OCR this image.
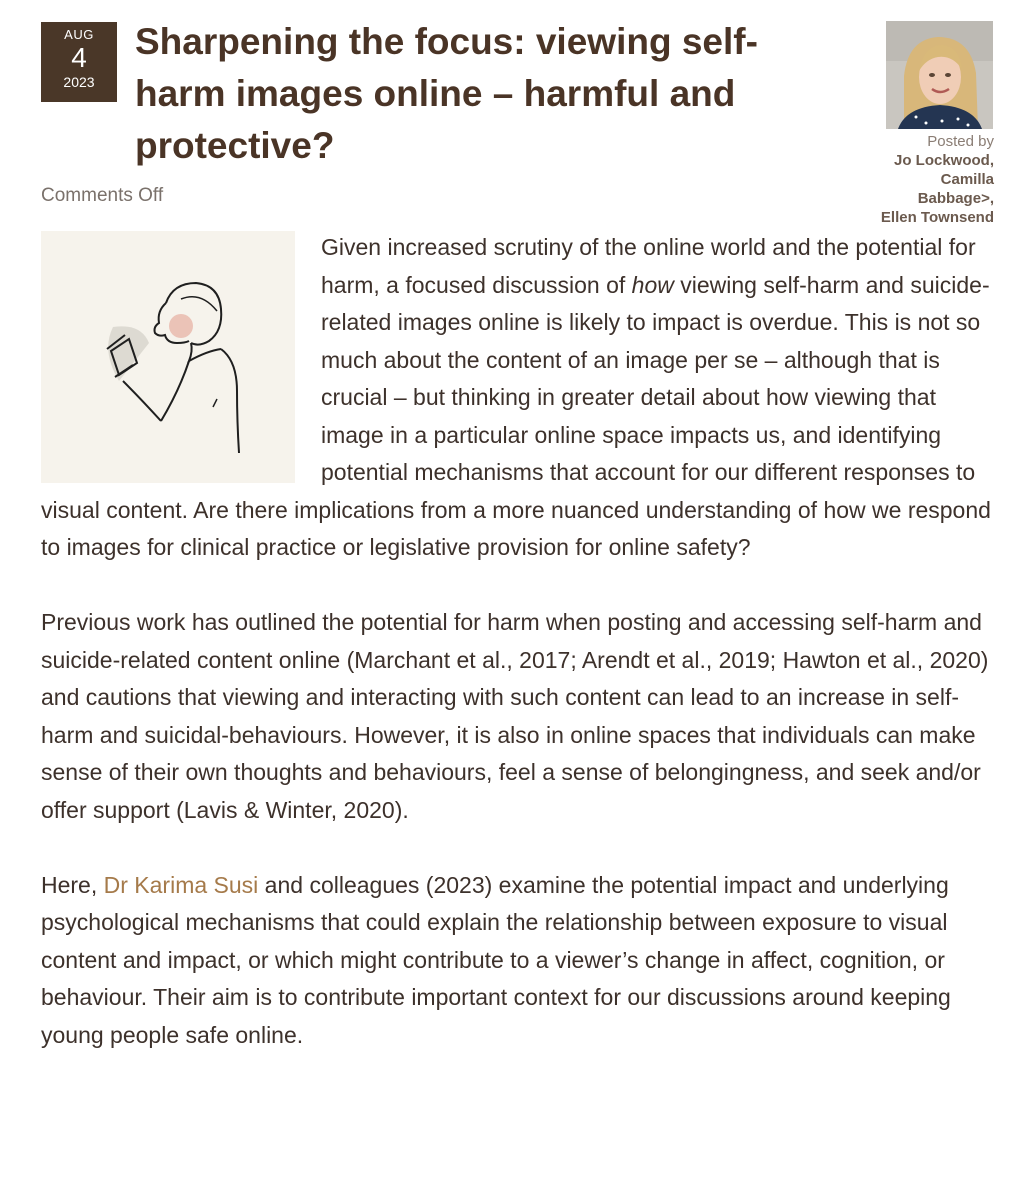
AUG
4
2023
Sharpening the focus: viewing self-harm images online – harmful and protective?	Posted by
Jo Lockwood,
Camilla
Babbage>,
Ellen Townsend
Comments Off

Given increased scrutiny of the online world and the potential for harm, a focused discussion of how viewing self-harm and suicide-related images online is likely to impact is overdue. This is not so much about the content of an image per se – although that is crucial – but thinking in greater detail about how viewing that image in a particular online space impacts us, and identifying potential mechanisms that account for our different responses to visual content. Are there implications from a more nuanced understanding of how we respond to images for clinical practice or legislative provision for online safety?

Previous work has outlined the potential for harm when posting and accessing self-harm and suicide-related content online (Marchant et al., 2017; Arendt et al., 2019; Hawton et al., 2020) and cautions that viewing and interacting with such content can lead to an increase in self-harm and suicidal-behaviours. However, it is also in online spaces that individuals can make sense of their own thoughts and behaviours, feel a sense of belongingness, and seek and/or offer support (Lavis & Winter, 2020).

Here, Dr Karima Susi and colleagues (2023) examine the potential impact and underlying psychological mechanisms that could explain the relationship between exposure to visual content and impact, or which might contribute to a viewer’s change in affect, cognition, or behaviour. Their aim is to contribute important context for our discussions around keeping young people safe online.
